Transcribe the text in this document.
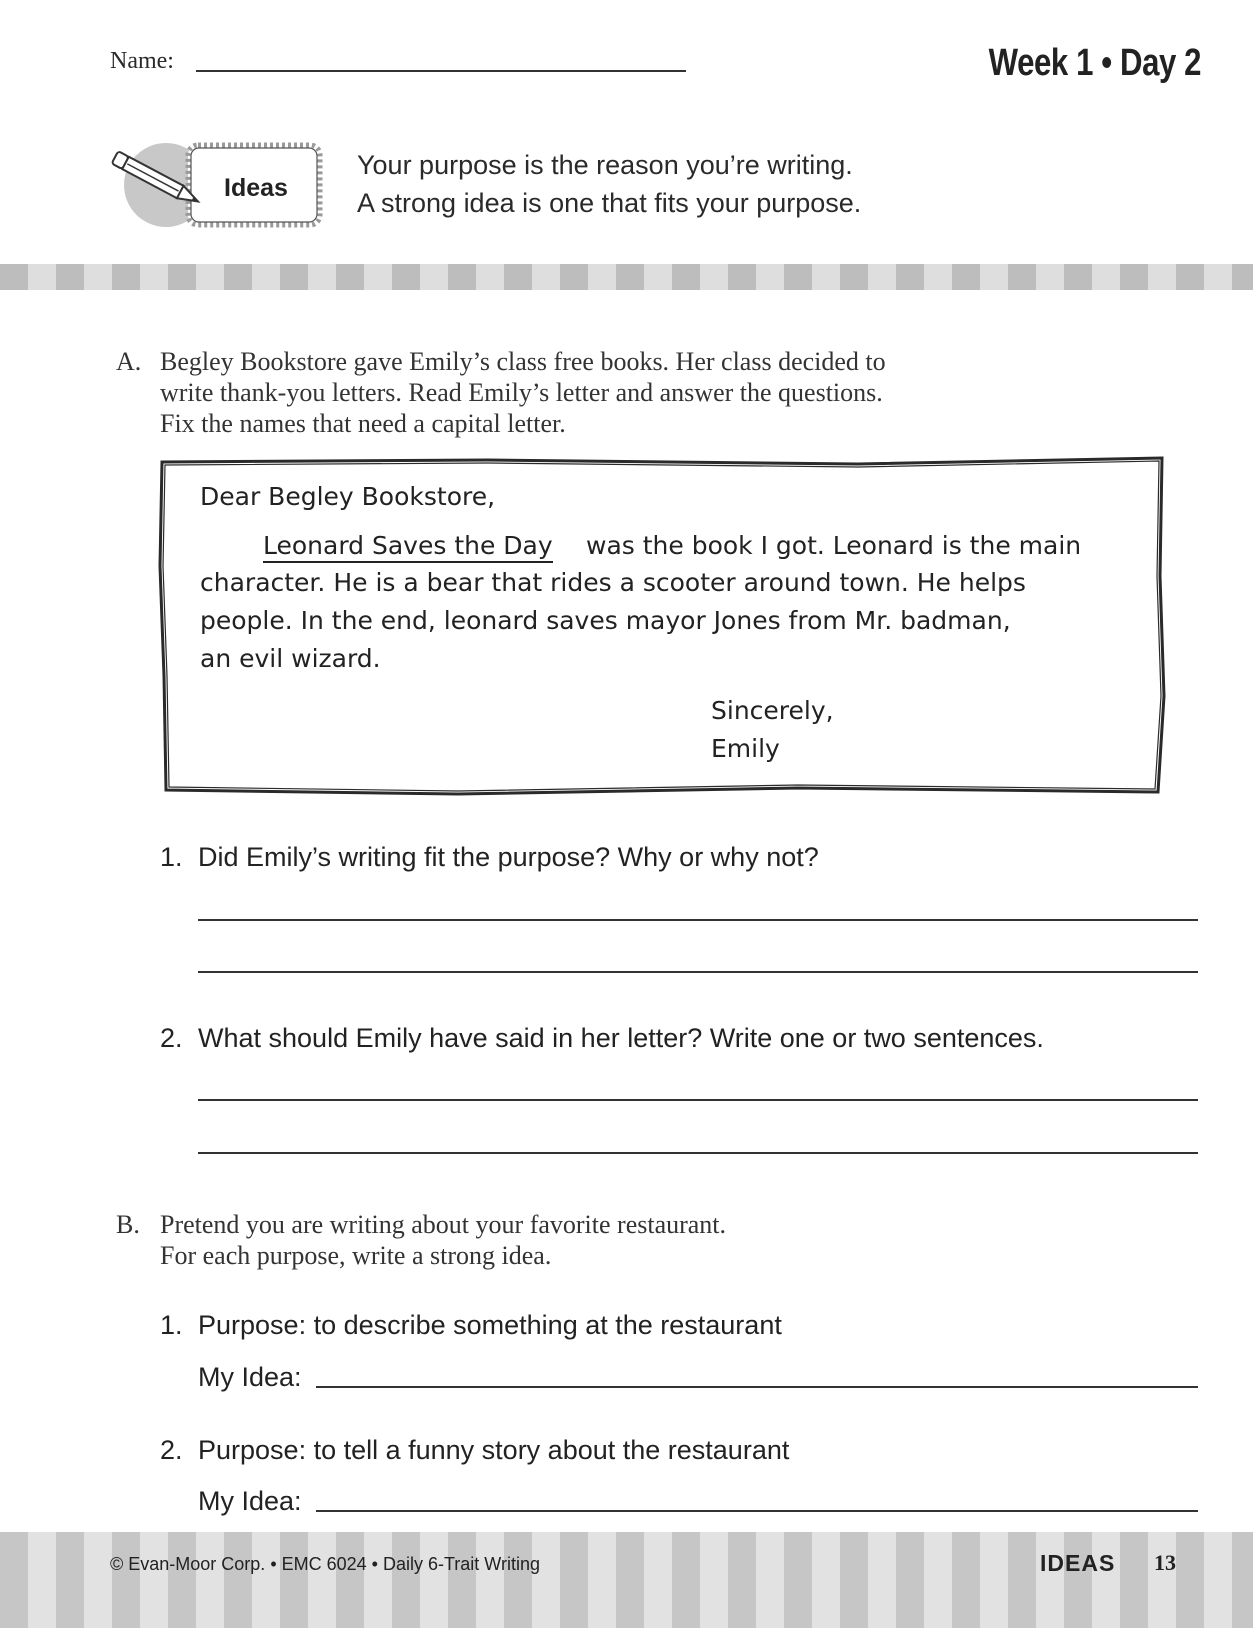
Name:	Week 1 • Day 2
Ideas
Your purpose is the reason you’re writing.
A strong idea is one that fits your purpose.
A. Begley Bookstore gave Emily’s class free books. Her class decided to
write thank-you letters. Read Emily’s letter and answer the questions.
Fix the names that need a capital letter.
Dear Begley Bookstore,
Leonard Saves the Day was the book I got. Leonard is the main
character. He is a bear that rides a scooter around town. He helps
people. In the end, leonard saves mayor Jones from Mr. badman,
an evil wizard.
Sincerely,
Emily
1. Did Emily’s writing fit the purpose? Why or why not?
2. What should Emily have said in her letter? Write one or two sentences.
B. Pretend you are writing about your favorite restaurant.
For each purpose, write a strong idea.
1. Purpose: to describe something at the restaurant
My Idea:
2. Purpose: to tell a funny story about the restaurant
My Idea:
© Evan-Moor Corp. • EMC 6024 • Daily 6-Trait Writing	IDEAS 13
